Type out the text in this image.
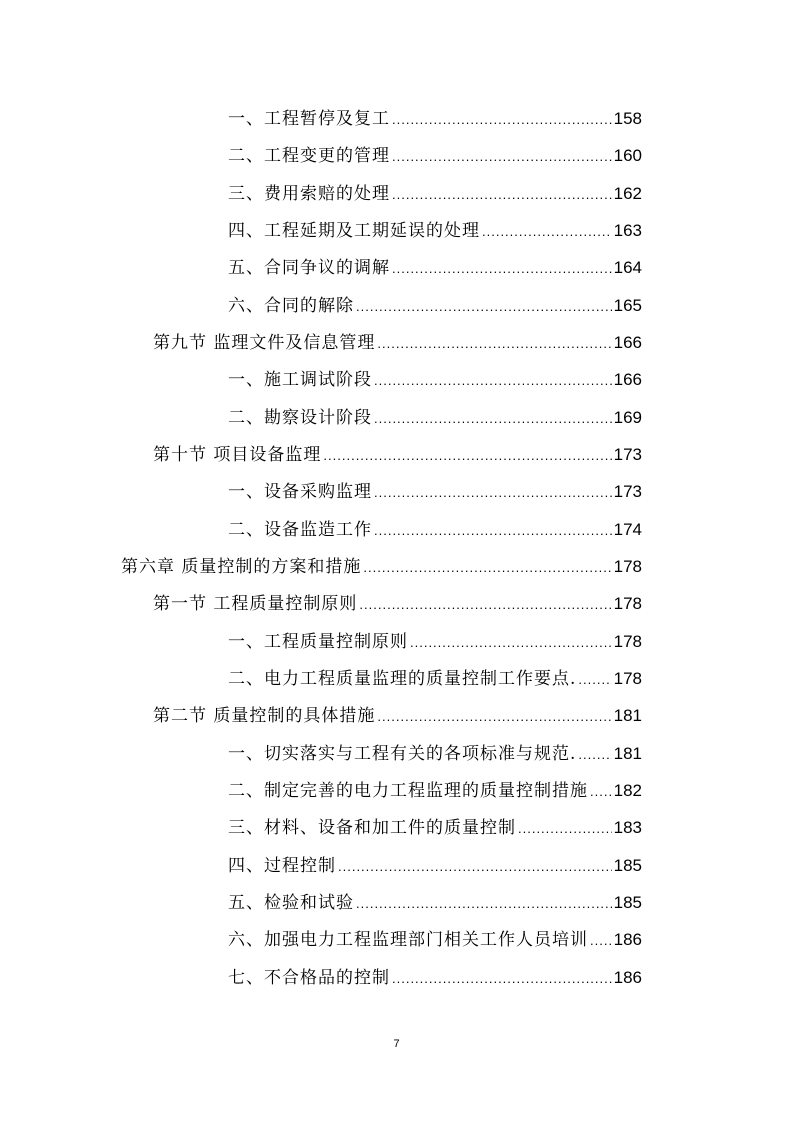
一、工程暂停及复工 .....	158
二、工程变更的管理 .....	160
三、费用索赔的处理 .....	162
四、工程延期及工期延误的处理 .....	163
五、合同争议的调解 .....	164
六、合同的解除 .....	165
第九节 监理文件及信息管理 .....	166
一、施工调试阶段 .....	166
二、勘察设计阶段 .....	169
第十节 项目设备监理 .....	173
一、设备采购监理 .....	173
二、设备监造工作 .....	174
第六章 质量控制的方案和措施 .....	178
第一节 工程质量控制原则 .....	178
一、工程质量控制原则 .....	178
二、电力工程质量监理的质量控制工作要点. ..... 178
第二节 质量控制的具体措施 .....	181
一、切实落实与工程有关的各项标准与规范. ..... 181
二、制定完善的电力工程监理的质量控制措施 ..... 182
三、材料、设备和加工件的质量控制 .....	183
四、过程控制 .....	185
五、检验和试验 .....	185
六、加强电力工程监理部门相关工作人员培训 ..... 186
七、不合格品的控制 .....	186
7
